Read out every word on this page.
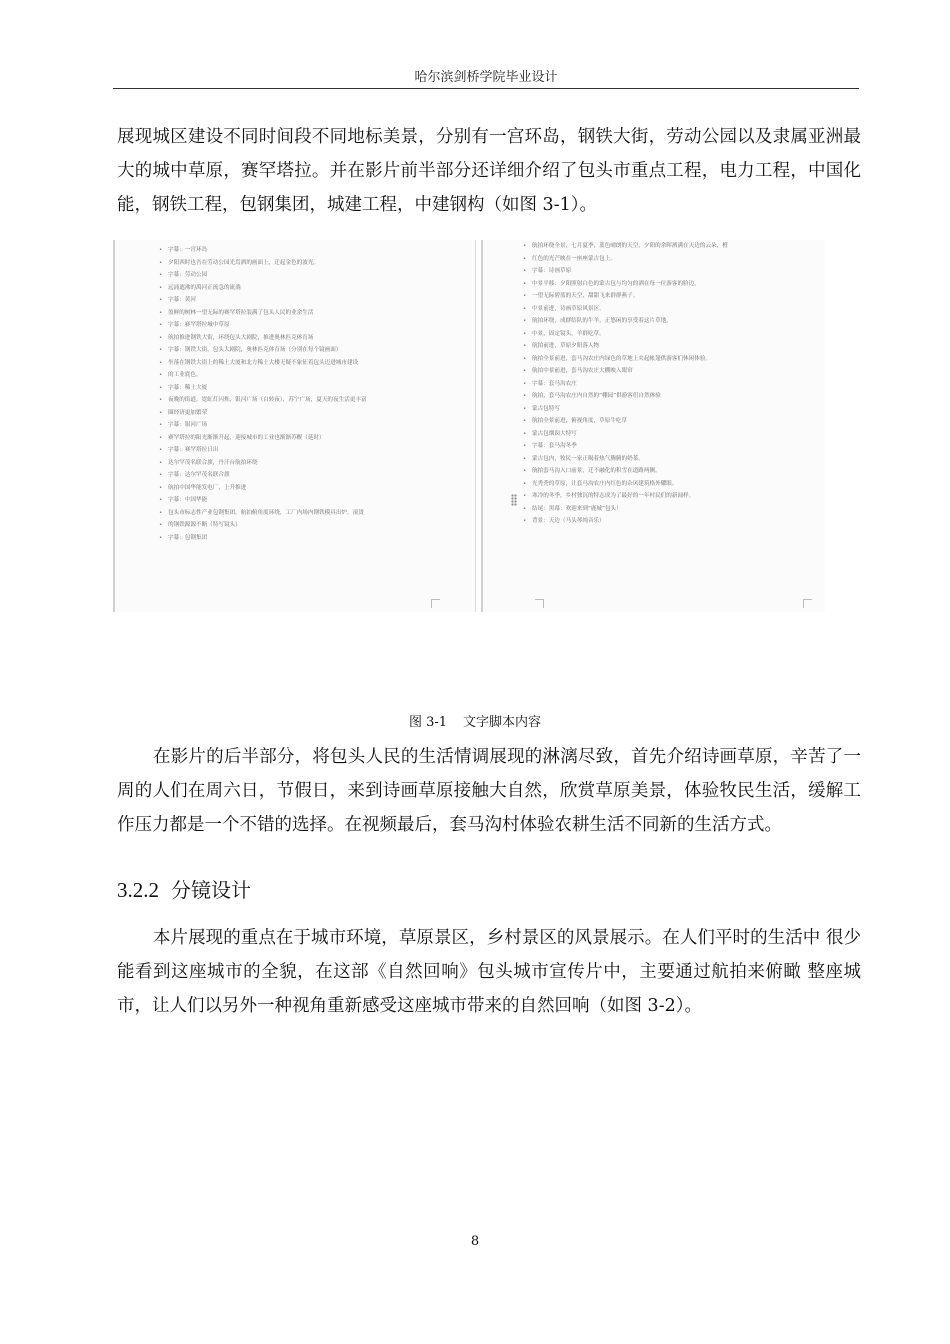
哈尔滨剑桥学院毕业设计

展现城区建设不同时间段不同地标美景，分别有一宫环岛，钢铁大街，劳动公园以及隶属亚洲最大的城中草原，赛罕塔拉。并在影片前半部分还详细介绍了包头市重点工程，电力工程，中国化能，钢铁工程，包钢集团，城建工程，中建钢构（如图 3-1）。

• 字幕：一宫环岛
• 夕阳西时也吾在劳动公园光焉洒的画面上，迁起金色的波光。
• 字幕：劳动公园
• 远涌遮沸的禹河正流急的流淌
• 字幕：黄河
• 盈鲜的树林一望无际的赛罕塔拉装满了包头人民的业余生活
• 字幕：赛罕塔拉城中草原
• 航拍推进钢铁大街，环绕包头大剧院，推进奥林匹克体育场
• 字幕：钢铁大街，包头大剧院，奥林匹克体育场（分别在每个镜画面）
• 坐落在钢铁大街上的稀土大厦和北方稀土大楼无疑不象征着包头迈进城市建设
• 的工业底色。
• 字幕：稀土大厦
• 夜晚的街道，霓虹灯闪烁，银河广场（白转夜），苏宁广场，夏天的夜生活更丰富
• 圈经济更加繁荣
• 字幕：银河广场
• 赛罕塔拉的阳光渐渐升起，迎接城市的工业也渐渐苏醒（延时）
• 字幕：赛罕塔拉日出
• 达尔罕茂名联合旗，丹汗台航拍环绕
• 字幕：达尔罕茂名联合旗
• 航拍中国华能发电厂，上升推进
• 字幕：中国华能
• 包头市标志性产业包钢集团，航拍俯角度环绕，工厂内场内钢铁模具出炉，滚烫
• 的钢铁源源不断（特写镜头）
• 字幕：包钢集团
• 航拍环绕全景，七月夏季，蓝色晴朗的天空，夕阳的余晖洒满在天边的云朵，橙
• 红色的光芒映在一座座蒙古包上。
• 字幕：诗画草原
• 中景平移：夕阳照射白色的蒙古包与均匀的洒在每一位游客的脸边。
• 一望无际碧蓝的天空，甜甜飞来群群燕子。
• 中景前进，诗画草原风景区。
• 航拍环绕，成群结队的牛羊，正悠闲的享受着这片草地。
• 中景，固定镜头，羊群吃草。
• 航拍前进，草原夕阳落人物
• 航拍全景前进，套马沟农庄内绿色的草地上夹起帐篷供游客们休闲体验。
• 航拍中景前进，套马沟农庄大棚映入眼帘
• 字幕：套马沟农庄
• 航拍，套马沟农庄内自然的“棚园”供游客们自然体验
• 蒙古包特写
• 航拍全景前进，俯视角度，草原牛吃草
• 蒙古包烟囱大特写
• 字幕：套马沟冬季
• 蒙古包内，牧民一家正喝着热气腾腾的奶茶。
• 航拍套马沟入口前景，迁不融化的积雪在道路两侧。
• 光秃秃的草原，让套马沟农庄内红色的杂风建筑格外耀眼。
• 寒冷的冬季，乡村独沉的特志成为了最好的一年村民们的新闻样。
• 结尾：黑幕：欢迎来到“鹿城”包头！
• 背景：天边（马头琴纯音乐）
图 3-1 文字脚本内容

在影片的后半部分，将包头人民的生活情调展现的淋漓尽致，首先介绍诗画草原，辛苦了一周的人们在周六日，节假日，来到诗画草原接触大自然，欣赏草原美景，体验牧民生活，缓解工作压力都是一个不错的选择。在视频最后，套马沟村体验农耕生活不同新的生活方式。

3.2.2 分镜设计

本片展现的重点在于城市环境，草原景区，乡村景区的风景展示。在人们平时的生活中 很少能看到这座城市的全貌，在这部《自然回响》包头城市宣传片中，主要通过航拍来俯瞰 整座城市，让人们以另外一种视角重新感受这座城市带来的自然回响（如图 3-2）。

8
